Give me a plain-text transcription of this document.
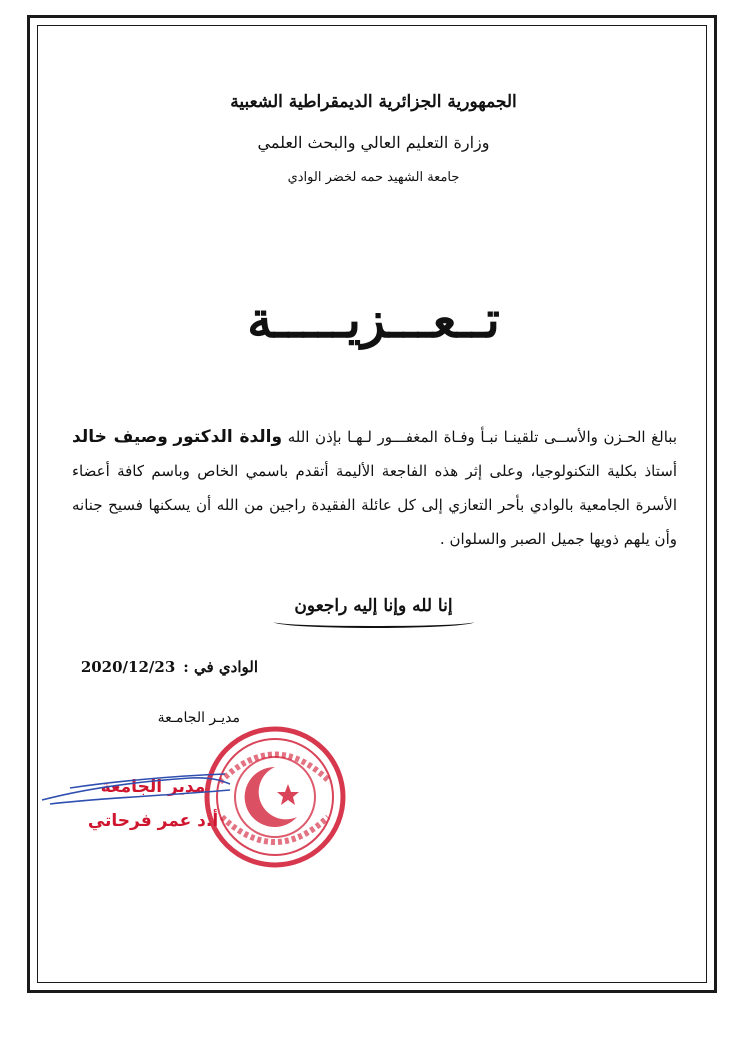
الجمهورية الجزائرية الديمقراطية الشعبية
وزارة التعليم العالي والبحث العلمي
جامعة الشهيد حمه لخضر الوادي
تــعـــزيـــــة
ببالغ الحـزن والأســى تلقينـا نبـأ وفـاة المغفـــور لـهـا بإذن الله والدة الدكتور وصيف خالد أستاذ بكلية التكنولوجيا، وعلى إثر هذه الفاجعة الأليمة أتقدم باسمي الخاص وباسم كافة أعضاء الأسرة الجامعية بالوادي بأحر التعازي إلى كل عائلة الفقيدة راجين من الله أن يسكنها فسيح جنانه وأن يلهم ذويها جميل الصبر والسلوان .
إنا لله وإنا إليه راجعون
الوادي في :2020/12/23
مديـر الجامـعة
مدير الجامعة
أ.د عمر فرحاتي
